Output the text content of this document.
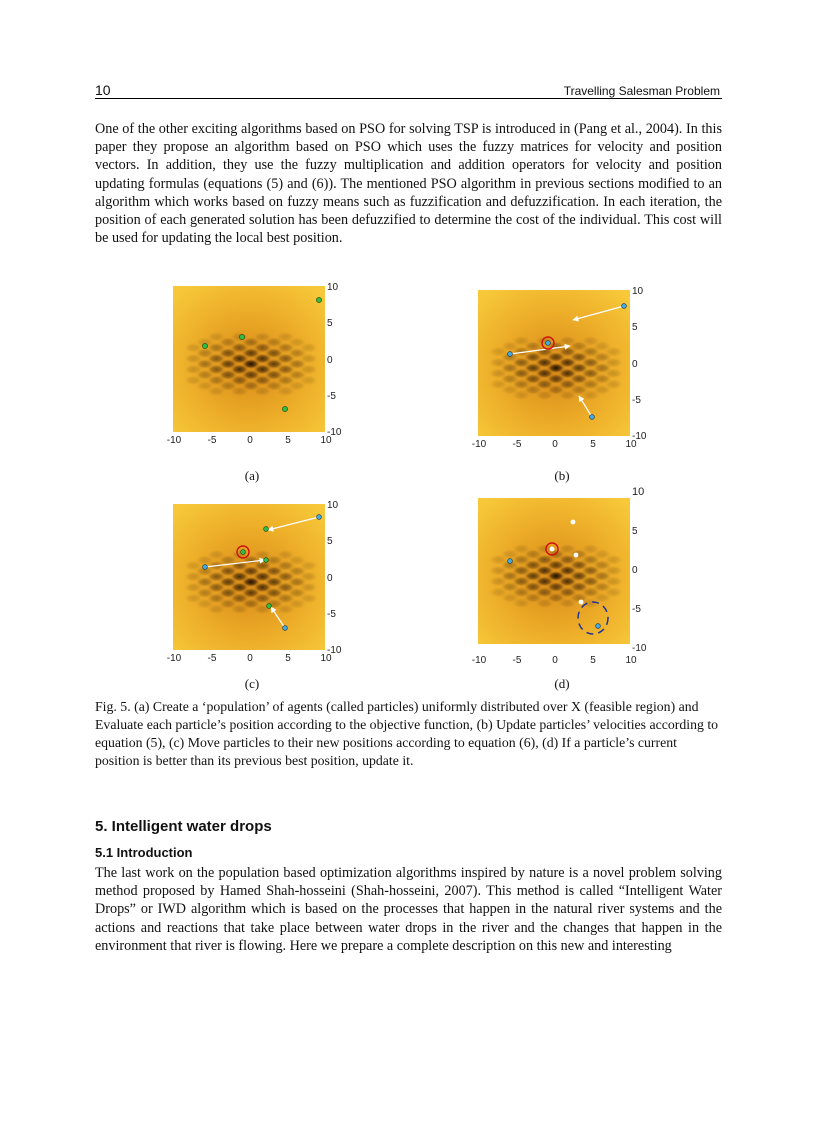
10	Travelling Salesman Problem

One of the other exciting algorithms based on PSO for solving TSP is introduced in (Pang et al., 2004). In this paper they propose an algorithm based on PSO which uses the fuzzy matrices for velocity and position vectors. In addition, they use the fuzzy multiplication and addition operators for velocity and position updating formulas (equations (5) and (6)). The mentioned PSO algorithm in previous sections modified to an algorithm which works based on fuzzy means such as fuzzification and defuzzification. In each iteration, the position of each generated solution has been defuzzified to determine the cost of the individual. This cost will be used for updating the local best position.

10
5
0
-5
-10
-10	-5	0	5	10
(a)
10
5
0
-5
-10
-10	-5	0	5	10
(b)
10
5
0
-5
-10
-10	-5	0	5	10
(c)
10
5
0
-5
-10
-10	-5	0	5	10
(d)

Fig. 5. (a) Create a ‘population’ of agents (called particles) uniformly distributed over X (feasible region) and Evaluate each particle’s position according to the objective function, (b) Update particles’ velocities according to equation (5), (c) Move particles to their new positions according to equation (6), (d) If a particle’s current position is better than its previous best position, update it.

5. Intelligent water drops
5.1 Introduction

The last work on the population based optimization algorithms inspired by nature is a novel problem solving method proposed by Hamed Shah-hosseini (Shah-hosseini, 2007). This method is called “Intelligent Water Drops” or IWD algorithm which is based on the processes that happen in the natural river systems and the actions and reactions that take place between water drops in the river and the changes that happen in the environment that river is flowing. Here we prepare a complete description on this new and interesting
